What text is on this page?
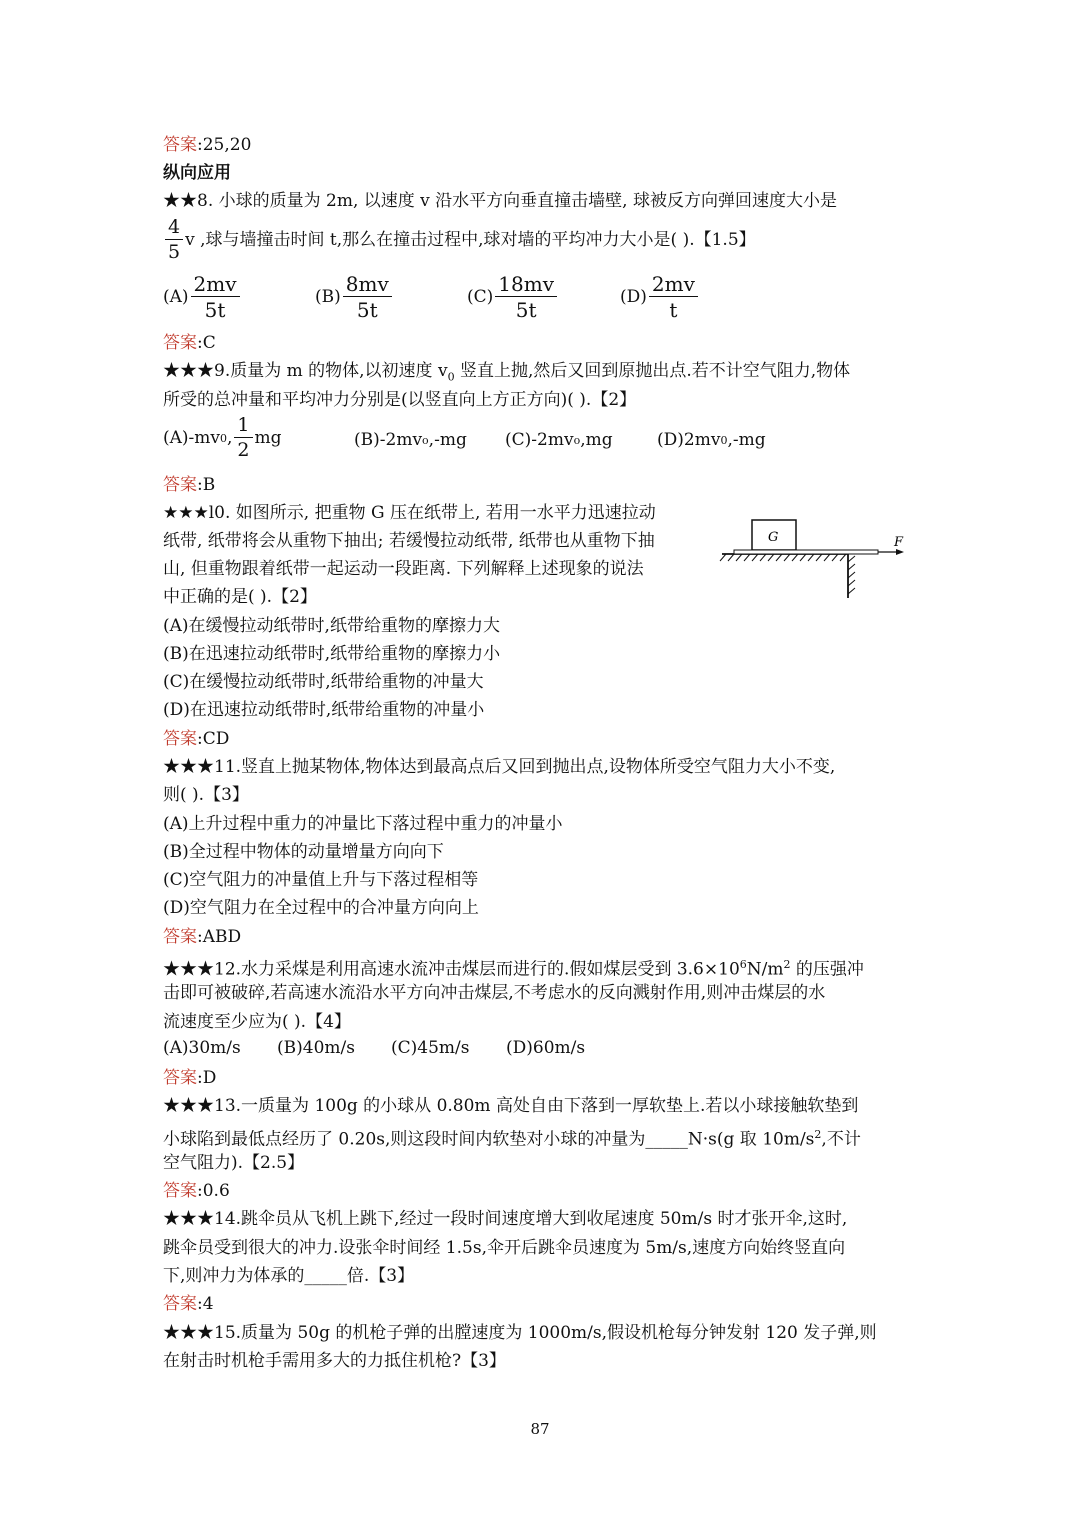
答案:25,20
纵向应用
★★8. 小球的质量为 2m, 以速度 v 沿水平方向垂直撞击墙壁, 球被反方向弹回速度大小是
$\frac{4}{5}$ v ,球与墙撞击时间 t,那么在撞击过程中,球对墙的平均冲力大小是( ).【1.5】
$(A) \frac{2mv}{5t}$	$(B) \frac{8mv}{5t}$	$(C) \frac{18mv}{5t}$	$(D) \frac{2mv}{t}$
答案:C
★★★9.质量为 m 的物体,以初速度 $v_0$ 竖直上抛,然后又回到原抛出点.若不计空气阻力,物体
所受的总冲量和平均冲力分别是(以竖直向上方正方向)( ).【2】
(A)-mv 0 , $\frac{1}{2}$ mg	(B)-2mv o ,-mg (C)-2mv o ,mg	(D)2mv 0 ,-mg
答案:B
★★★l0. 如图所示, 把重物 G 压在纸带上, 若用一水平力迅速拉动
纸带, 纸带将会从重物下抽出; 若缓慢拉动纸带, 纸带也从重物下抽
山, 但重物跟着纸带一起运动一段距离. 下列解释上述现象的说法
中正确的是( ).【2】
(A)在缓慢拉动纸带时,纸带给重物的摩擦力大
(B)在迅速拉动纸带时,纸带给重物的摩擦力小
(C)在缓慢拉动纸带时,纸带给重物的冲量大
(D)在迅速拉动纸带时,纸带给重物的冲量小
答案:CD
G	F
★★★11.竖直上抛某物体,物体达到最高点后又回到抛出点,设物体所受空气阻力大小不变,
则( ).【3】
(A)上升过程中重力的冲量比下落过程中重力的冲量小
(B)全过程中物体的动量增量方向向下
(C)空气阻力的冲量值上升与下落过程相等
(D)空气阻力在全过程中的合冲量方向向上
答案:ABD
★★★12.水力采煤是利用高速水流冲击煤层而进行的.假如煤层受到 $3.6\times 10^6N/m^2$ 的压强冲
击即可被破碎,若高速水流沿水平方向冲击煤层,不考虑水的反向溅射作用,则冲击煤层的水
流速度至少应为( ).【4】
(A)30m/s (B)40m/s (C)45m/s (D)60m/s
答案:D
★★★13.一质量为 100g 的小球从 0.80m 高处自由下落到一厚软垫上.若以小球接触软垫到
小球陷到最低点经历了 0.20s,则这段时间内软垫对小球的冲量为_____N·s(g 取 $10m/s^2$,不计
空气阻力).【2.5】
答案:0.6
★★★14.跳伞员从飞机上跳下,经过一段时间速度增大到收尾速度 50m/s 时才张开伞,这时,
跳伞员受到很大的冲力.设张伞时间经 1.5s,伞开后跳伞员速度为 5m/s,速度方向始终竖直向
下,则冲力为体承的_____倍.【3】
答案:4
★★★15.质量为 50g 的机枪子弹的出膛速度为 1000m/s,假设机枪每分钟发射 120 发子弹,则
在射击时机枪手需用多大的力抵住机枪?【3】
87
